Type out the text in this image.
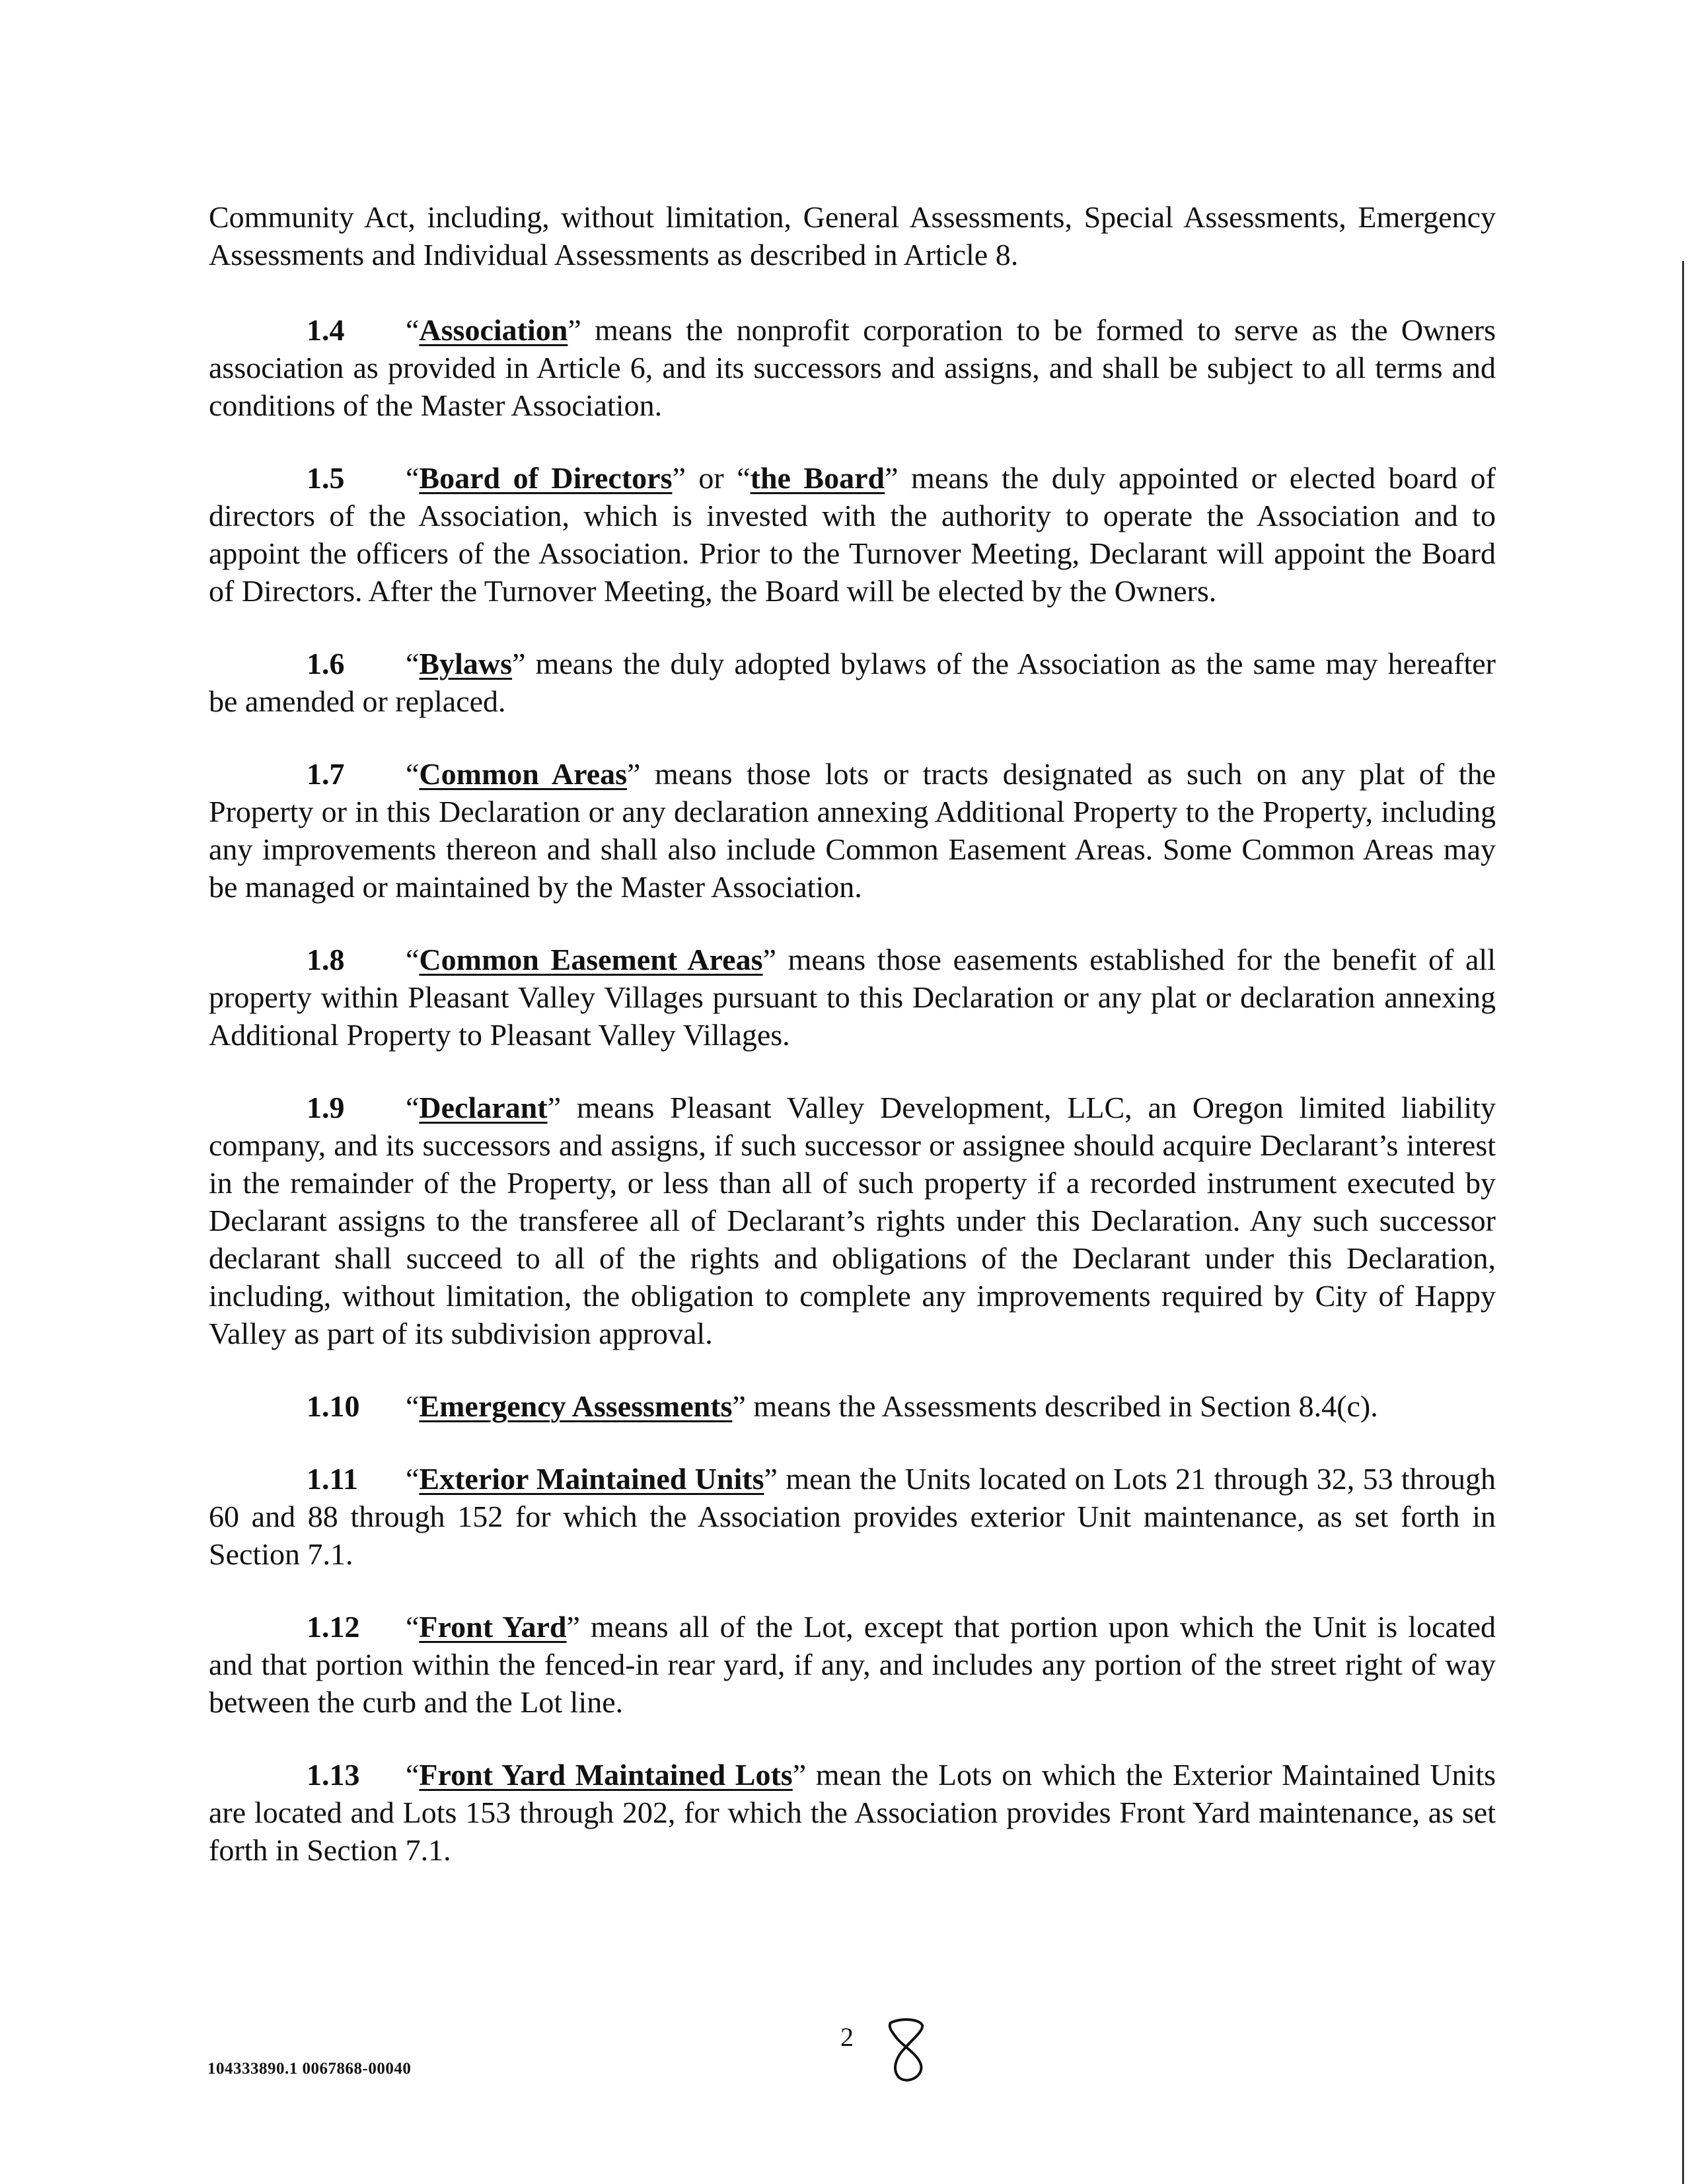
Community Act, including, without limitation, General Assessments, Special Assessments, Emergency Assessments and Individual Assessments as described in Article 8.

1.4 “Association” means the nonprofit corporation to be formed to serve as the Owners association as provided in Article 6, and its successors and assigns, and shall be subject to all terms and conditions of the Master Association.

1.5 “Board of Directors” or “the Board” means the duly appointed or elected board of directors of the Association, which is invested with the authority to operate the Association and to appoint the officers of the Association. Prior to the Turnover Meeting, Declarant will appoint the Board of Directors. After the Turnover Meeting, the Board will be elected by the Owners.

1.6 “Bylaws” means the duly adopted bylaws of the Association as the same may hereafter be amended or replaced.

1.7 “Common Areas” means those lots or tracts designated as such on any plat of the Property or in this Declaration or any declaration annexing Additional Property to the Property, including any improvements thereon and shall also include Common Easement Areas. Some Common Areas may be managed or maintained by the Master Association.

1.8 “Common Easement Areas” means those easements established for the benefit of all property within Pleasant Valley Villages pursuant to this Declaration or any plat or declaration annexing Additional Property to Pleasant Valley Villages.

1.9 “Declarant” means Pleasant Valley Development, LLC, an Oregon limited liability company, and its successors and assigns, if such successor or assignee should acquire Declarant’s interest in the remainder of the Property, or less than all of such property if a recorded instrument executed by Declarant assigns to the transferee all of Declarant’s rights under this Declaration. Any such successor declarant shall succeed to all of the rights and obligations of the Declarant under this Declaration, including, without limitation, the obligation to complete any improvements required by City of Happy Valley as part of its subdivision approval.

1.10 “Emergency Assessments” means the Assessments described in Section 8.4(c).

1.11 “Exterior Maintained Units” mean the Units located on Lots 21 through 32, 53 through 60 and 88 through 152 for which the Association provides exterior Unit maintenance, as set forth in Section 7.1.

1.12 “Front Yard” means all of the Lot, except that portion upon which the Unit is located and that portion within the fenced-in rear yard, if any, and includes any portion of the street right of way between the curb and the Lot line.

1.13 “Front Yard Maintained Lots” mean the Lots on which the Exterior Maintained Units are located and Lots 153 through 202, for which the Association provides Front Yard maintenance, as set forth in Section 7.1.

2
104333890.1 0067868-00040
